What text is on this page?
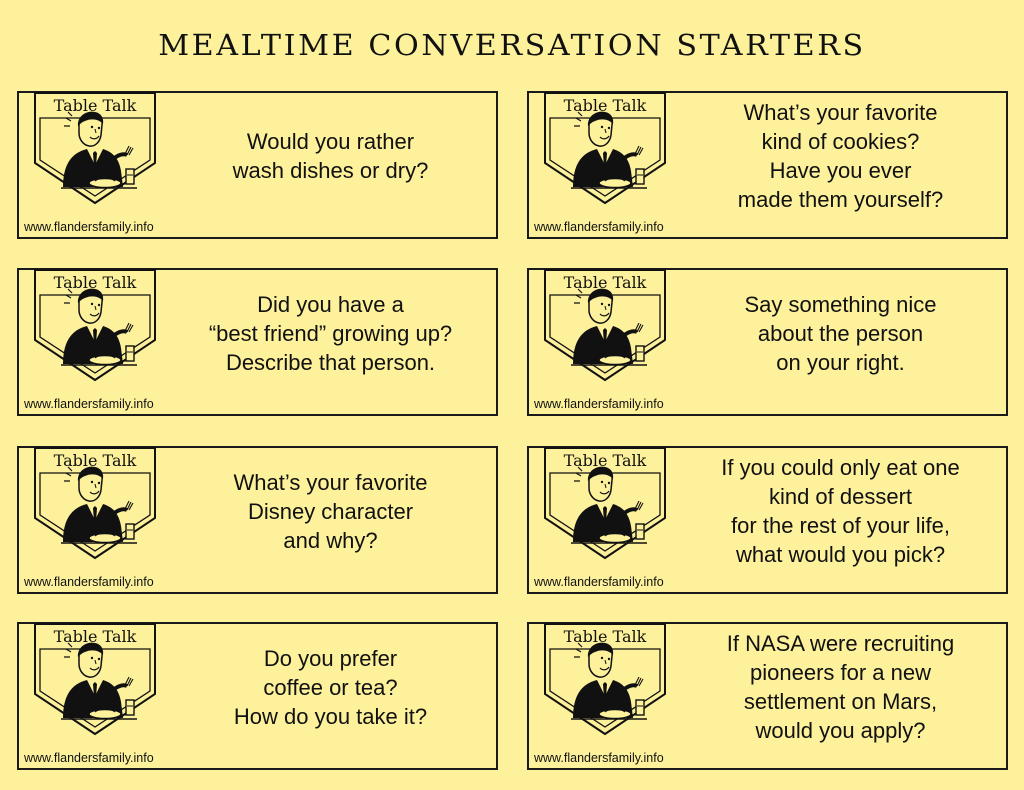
MEALTIME CONVERSATION STARTERS
Table Talk
Would you rather
wash dishes or dry?
www.flandersfamily.info
Table Talk	What’s your favorite
kind of cookies?
Have you ever
made them yourself?
www.flandersfamily.info
Table Talk
Did you have a
“best friend” growing up?
Describe that person.
www.flandersfamily.info
Table Talk
Say something nice
about the person
on your right.
www.flandersfamily.info
Table Talk
What’s your favorite
Disney character
and why?
www.flandersfamily.info
Table Talk	If you could only eat one
kind of dessert
for the rest of your life,
what would you pick?
www.flandersfamily.info
Table Talk
Do you prefer
coffee or tea?
How do you take it?
www.flandersfamily.info
Table Talk	If NASA were recruiting
pioneers for a new
settlement on Mars,
would you apply?
www.flandersfamily.info
